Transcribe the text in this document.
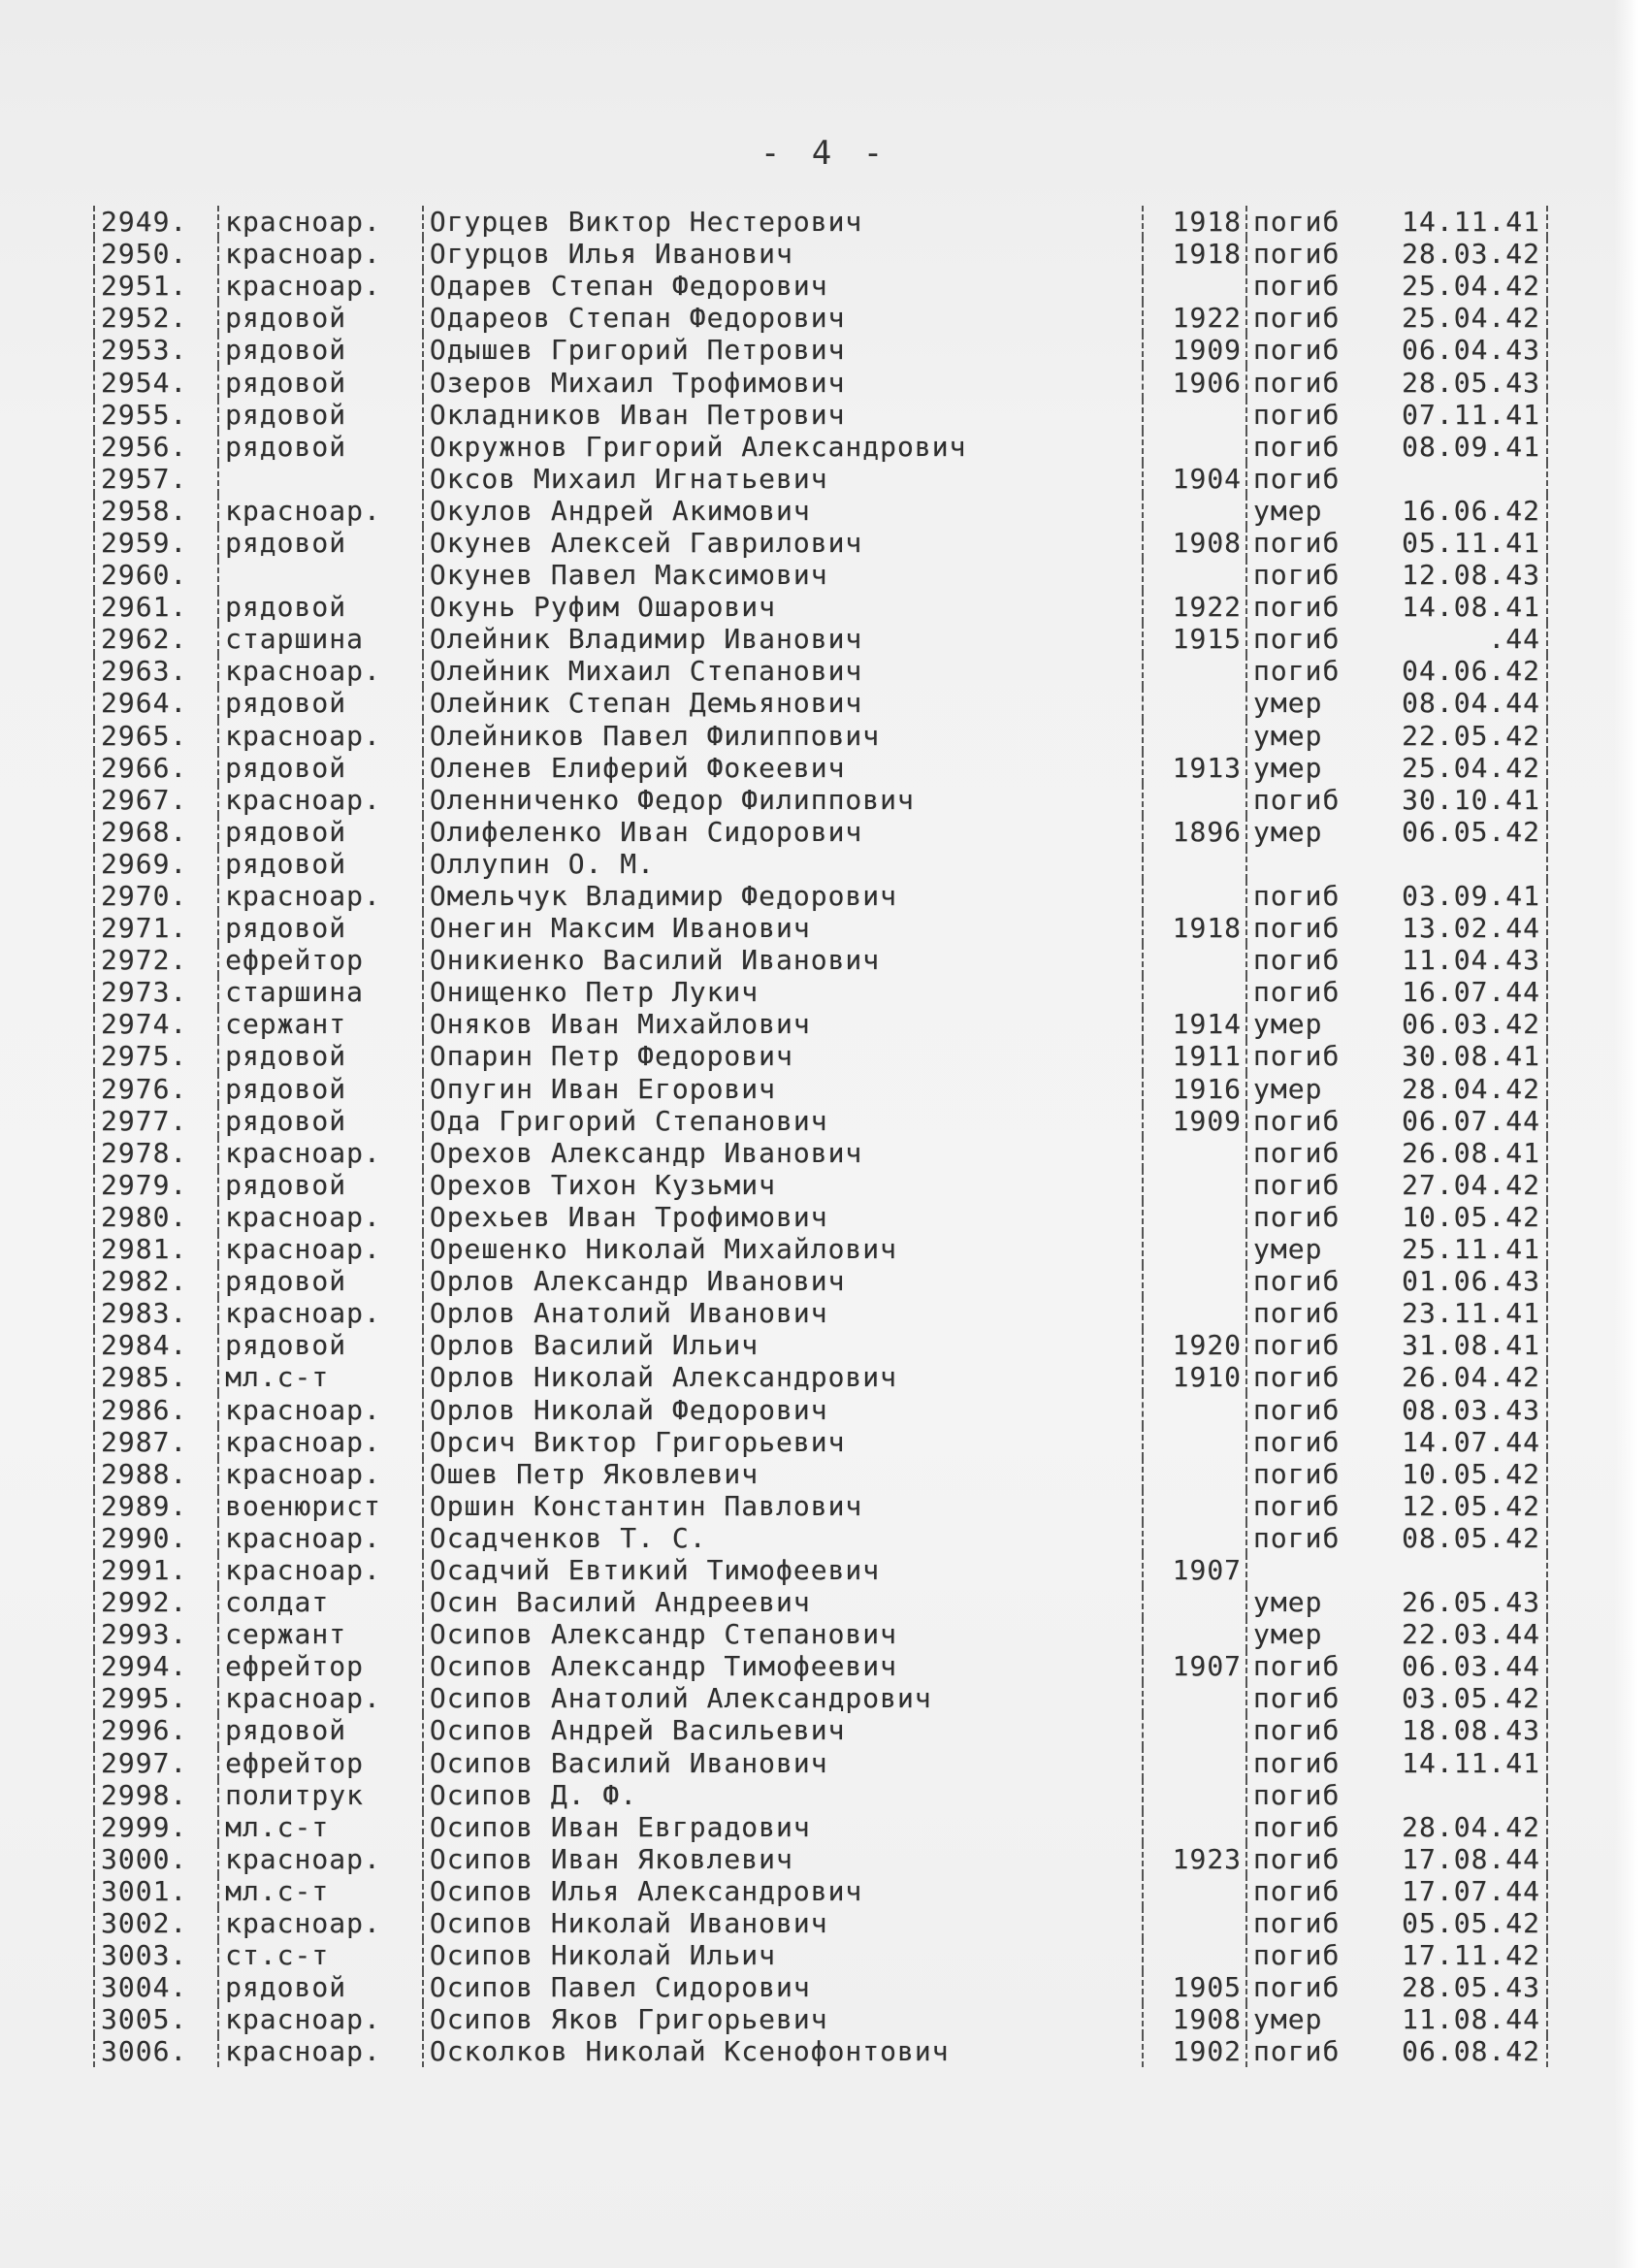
- 4 -
2949.	красноар.	Огурцев Виктор Нестерович	1918	погиб	14.11.41
2950.	красноар.	Огурцов Илья Иванович	1918	погиб	28.03.42
2951.	красноар.	Одарев Степан Федорович		погиб	25.04.42
2952.	рядовой	Одареов Степан Федорович	1922	погиб	25.04.42
2953.	рядовой	Одышев Григорий Петрович	1909	погиб	06.04.43
2954.	рядовой	Озеров Михаил Трофимович	1906	погиб	28.05.43
2955.	рядовой	Окладников Иван Петрович		погиб	07.11.41
2956.	рядовой	Окружнов Григорий Александрович		погиб	08.09.41
2957.		Оксов Михаил Игнатьевич	1904	погиб	
2958.	красноар.	Окулов Андрей Акимович		умер	16.06.42
2959.	рядовой	Окунев Алексей Гаврилович	1908	погиб	05.11.41
2960.		Окунев Павел Максимович		погиб	12.08.43
2961.	рядовой	Окунь Руфим Ошарович	1922	погиб	14.08.41
2962.	старшина	Олейник Владимир Иванович	1915	погиб	.44
2963.	красноар.	Олейник Михаил Степанович		погиб	04.06.42
2964.	рядовой	Олейник Степан Демьянович		умер	08.04.44
2965.	красноар.	Олейников Павел Филиппович		умер	22.05.42
2966.	рядовой	Оленев Елиферий Фокеевич	1913	умер	25.04.42
2967.	красноар.	Оленниченко Федор Филиппович		погиб	30.10.41
2968.	рядовой	Олифеленко Иван Сидорович	1896	умер	06.05.42
2969.	рядовой	Оллупин О. М.			
2970.	красноар.	Омельчук Владимир Федорович		погиб	03.09.41
2971.	рядовой	Онегин Максим Иванович	1918	погиб	13.02.44
2972.	ефрейтор	Оникиенко Василий Иванович		погиб	11.04.43
2973.	старшина	Онищенко Петр Лукич		погиб	16.07.44
2974.	сержант	Оняков Иван Михайлович	1914	умер	06.03.42
2975.	рядовой	Опарин Петр Федорович	1911	погиб	30.08.41
2976.	рядовой	Опугин Иван Егорович	1916	умер	28.04.42
2977.	рядовой	Ода Григорий Степанович	1909	погиб	06.07.44
2978.	красноар.	Орехов Александр Иванович		погиб	26.08.41
2979.	рядовой	Орехов Тихон Кузьмич		погиб	27.04.42
2980.	красноар.	Орехьев Иван Трофимович		погиб	10.05.42
2981.	красноар.	Орешенко Николай Михайлович		умер	25.11.41
2982.	рядовой	Орлов Александр Иванович		погиб	01.06.43
2983.	красноар.	Орлов Анатолий Иванович		погиб	23.11.41
2984.	рядовой	Орлов Василий Ильич	1920	погиб	31.08.41
2985.	мл.с-т	Орлов Николай Александрович	1910	погиб	26.04.42
2986.	красноар.	Орлов Николай Федорович		погиб	08.03.43
2987.	красноар.	Орсич Виктор Григорьевич		погиб	14.07.44
2988.	красноар.	Ошев Петр Яковлевич		погиб	10.05.42
2989.	военюрист	Оршин Константин Павлович		погиб	12.05.42
2990.	красноар.	Осадченков Т. С.		погиб	08.05.42
2991.	красноар.	Осадчий Евтикий Тимофеевич	1907		
2992.	солдат	Осин Василий Андреевич		умер	26.05.43
2993.	сержант	Осипов Александр Степанович		умер	22.03.44
2994.	ефрейтор	Осипов Александр Тимофеевич	1907	погиб	06.03.44
2995.	красноар.	Осипов Анатолий Александрович		погиб	03.05.42
2996.	рядовой	Осипов Андрей Васильевич		погиб	18.08.43
2997.	ефрейтор	Осипов Василий Иванович		погиб	14.11.41
2998.	политрук	Осипов Д. Ф.		погиб	
2999.	мл.с-т	Осипов Иван Евградович		погиб	28.04.42
3000.	красноар.	Осипов Иван Яковлевич	1923	погиб	17.08.44
3001.	мл.с-т	Осипов Илья Александрович		погиб	17.07.44
3002.	красноар.	Осипов Николай Иванович		погиб	05.05.42
3003.	ст.с-т	Осипов Николай Ильич		погиб	17.11.42
3004.	рядовой	Осипов Павел Сидорович	1905	погиб	28.05.43
3005.	красноар.	Осипов Яков Григорьевич	1908	умер	11.08.44
3006.	красноар.	Осколков Николай Ксенофонтович	1902	погиб	06.08.42
